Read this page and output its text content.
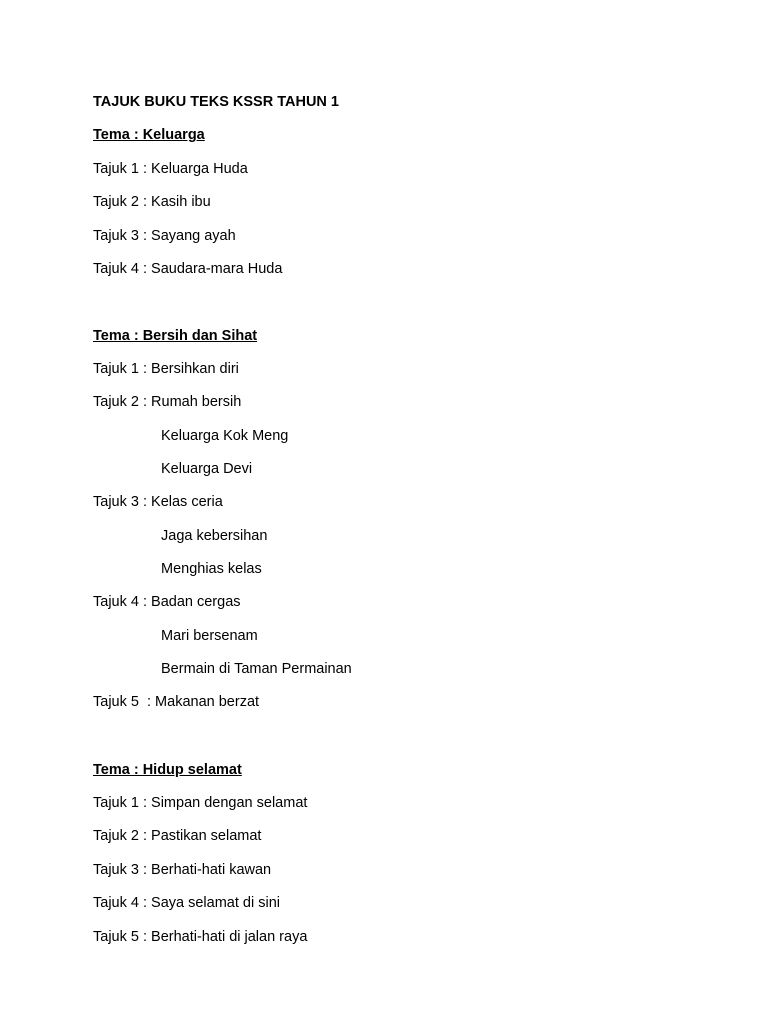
TAJUK BUKU TEKS KSSR TAHUN 1
Tema : Keluarga
Tajuk 1 : Keluarga Huda
Tajuk 2 : Kasih ibu
Tajuk 3 : Sayang ayah
Tajuk 4 : Saudara-mara Huda
Tema : Bersih dan Sihat
Tajuk 1 : Bersihkan diri
Tajuk 2 : Rumah bersih
Keluarga Kok Meng
Keluarga Devi
Tajuk 3 : Kelas ceria
Jaga kebersihan
Menghias kelas
Tajuk 4 : Badan cergas
Mari bersenam
Bermain di Taman Permainan
Tajuk 5  : Makanan berzat
Tema : Hidup selamat
Tajuk 1 : Simpan dengan selamat
Tajuk 2 : Pastikan selamat
Tajuk 3 : Berhati-hati kawan
Tajuk 4 : Saya selamat di sini
Tajuk 5 : Berhati-hati di jalan raya
